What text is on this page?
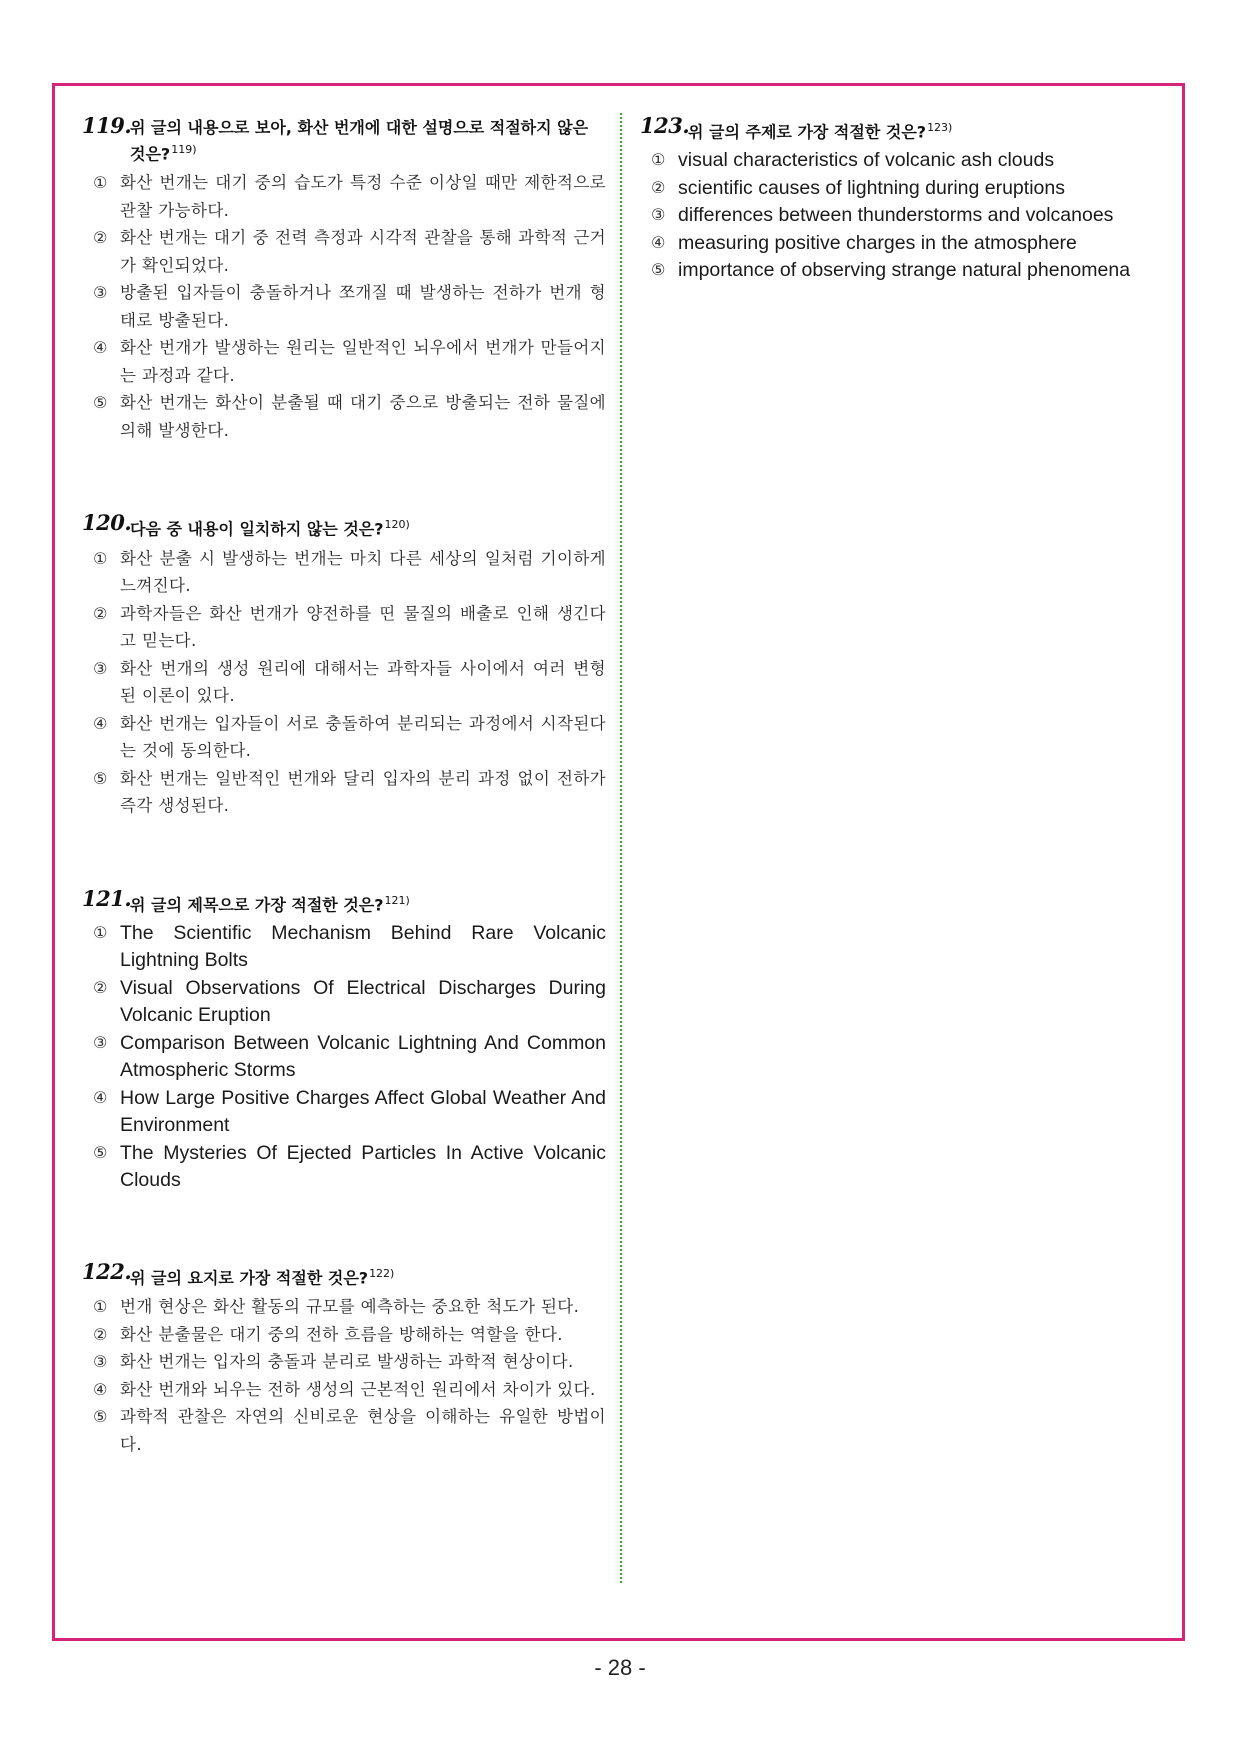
119.
위 글의 내용으로 보아, 화산 번개에 대한 설명으로 적절하지 않은 것은?$^{119)}$
① 화산 번개는 대기 중의 습도가 특정 수준 이상일 때만 제한적으로 관찰 가능하다.
② 화산 번개는 대기 중 전력 측정과 시각적 관찰을 통해 과학적 근거가 확인되었다.
③ 방출된 입자들이 충돌하거나 쪼개질 때 발생하는 전하가 번개 형태로 방출된다.
④ 화산 번개가 발생하는 원리는 일반적인 뇌우에서 번개가 만들어지는 과정과 같다.
⑤ 화산 번개는 화산이 분출될 때 대기 중으로 방출되는 전하 물질에 의해 발생한다.
120.
다음 중 내용이 일치하지 않는 것은?$^{120)}$
① 화산 분출 시 발생하는 번개는 마치 다른 세상의 일처럼 기이하게 느껴진다.
② 과학자들은 화산 번개가 양전하를 띤 물질의 배출로 인해 생긴다고 믿는다.
③ 화산 번개의 생성 원리에 대해서는 과학자들 사이에서 여러 변형된 이론이 있다.
④ 화산 번개는 입자들이 서로 충돌하여 분리되는 과정에서 시작된다는 것에 동의한다.
⑤ 화산 번개는 일반적인 번개와 달리 입자의 분리 과정 없이 전하가 즉각 생성된다.
121.
위 글의 제목으로 가장 적절한 것은?$^{121)}$
① The Scientific Mechanism Behind Rare Volcanic Lightning Bolts
② Visual Observations Of Electrical Discharges During Volcanic Eruption
③ Comparison Between Volcanic Lightning And Common Atmospheric Storms
④ How Large Positive Charges Affect Global Weather And Environment
⑤ The Mysteries Of Ejected Particles In Active Volcanic Clouds
122.
위 글의 요지로 가장 적절한 것은?$^{122)}$
① 번개 현상은 화산 활동의 규모를 예측하는 중요한 척도가 된다.
② 화산 분출물은 대기 중의 전하 흐름을 방해하는 역할을 한다.
③ 화산 번개는 입자의 충돌과 분리로 발생하는 과학적 현상이다.
④ 화산 번개와 뇌우는 전하 생성의 근본적인 원리에서 차이가 있다.
⑤ 과학적 관찰은 자연의 신비로운 현상을 이해하는 유일한 방법이다.
123.
위 글의 주제로 가장 적절한 것은?$^{123)}$
① visual characteristics of volcanic ash clouds
② scientific causes of lightning during eruptions
③ differences between thunderstorms and volcanoes
④ measuring positive charges in the atmosphere
⑤ importance of observing strange natural phenomena
- 28 -
